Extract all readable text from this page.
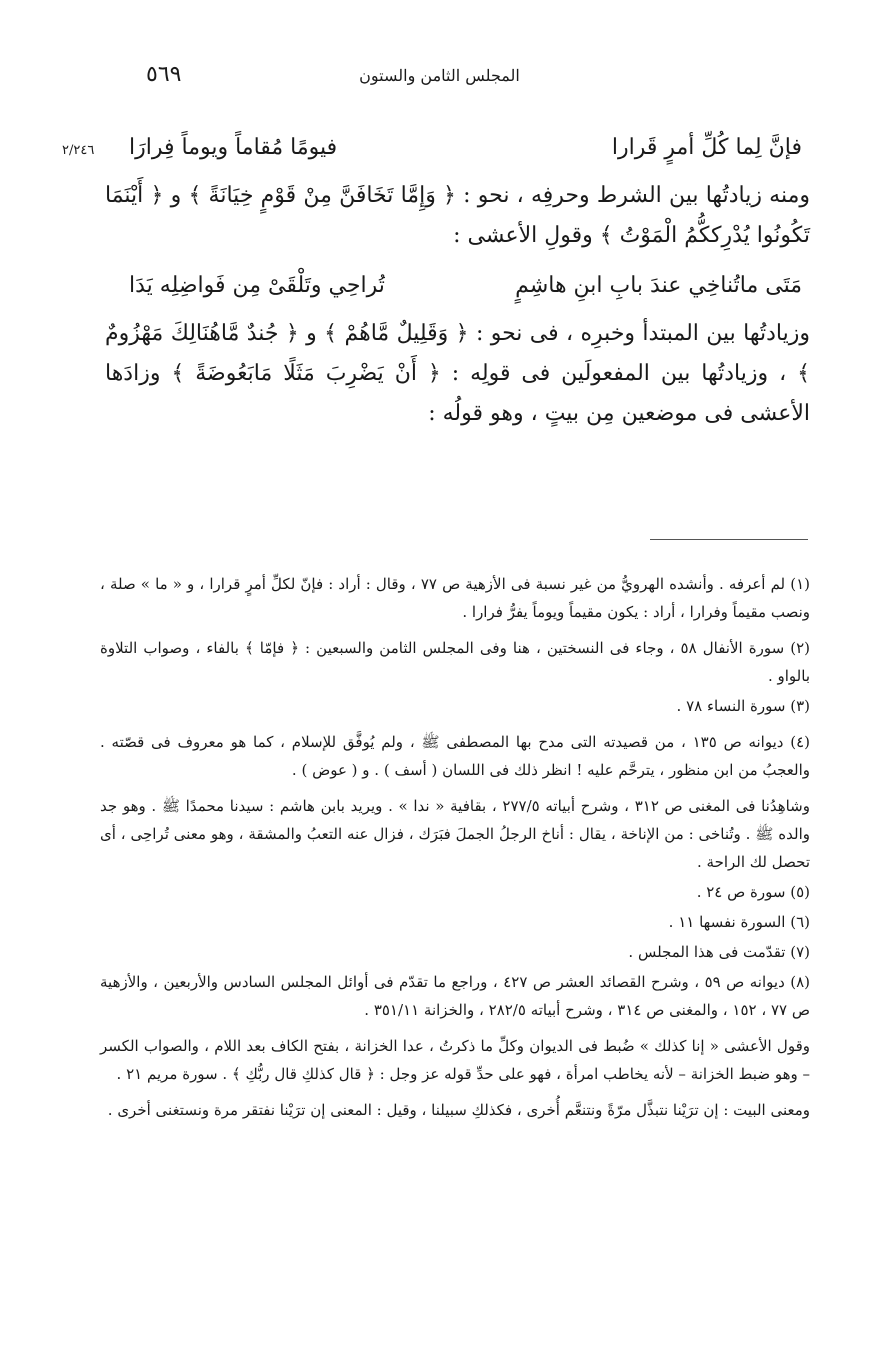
٥٦٩	المجلس الثامن والستون
٢/٢٤٦	فإنَّ لِما كُلِّ أمرٍ قَرارا
فيومًا مُقاماً ويوماً فِرارَا

ومنه زيادتُها بين الشرط وحرفِه ، نحو : ﴿ وَإِمَّا تَخَافَنَّ مِنْ قَوْمٍ خِيَانَةً ﴾ و ﴿ أَيْنَمَا تَكُونُوا يُدْرِككُّمُ الْمَوْتُ ﴾ وقولِ الأعشى :

مَتَى ماتُناخِي عندَ بابِ ابنِ هاشِمٍ
تُراحِي وتَلْقَىْ مِن فَواضِلِه يَدَا

وزيادتُها بين المبتدأ وخبرِه ، فى نحو : ﴿ وَقَلِيلٌ مَّاهُمْ ﴾ و ﴿ جُندٌ مَّاهُنَالِكَ مَهْزُومٌ ﴾ ، وزيادتُها بين المفعولَين فى قولِه : ﴿ أَنْ يَضْرِبَ مَثَلًا مَابَعُوضَةً ﴾ وزادَها الأعشى فى موضعين مِن بيتٍ ، وهو قولُه :

(١) لم أعرفه . وأنشده الهرويُّ من غير نسبة فى الأزهية ص ٧٧ ، وقال : أراد : فإنّ لكلِّ أمرٍ قرارا ، و « ما » صلة ، ونصب مقيماً وفرارا ، أراد : يكون مقيماً ويوماً يفرُّ فرارا .

(٢) سورة الأنفال ٥٨ ، وجاء فى النسختين ، هنا وفى المجلس الثامن والسبعين : ﴿ فإمّا ﴾ بالفاء ، وصواب التلاوة بالواو .

(٣) سورة النساء ٧٨ .

(٤) ديوانه ص ١٣٥ ، من قصيدته التى مدح بها المصطفى ﷺ ، ولم يُوفَّق للإسلام ، كما هو معروف فى قصّته . والعجبُ من ابن منظور ، يترحَّم عليه ! انظر ذلك فى اللسان ( أسف ) . و ( عوض ) .

وشاهِدُنا فى المغنى ص ٣١٢ ، وشرح أبياته ٢٧٧/٥ ، بقافية « ندا » . ويريد بابن هاشم : سيدنا محمدًا ﷺ . وهو جد والده ﷺ . وتُناخى : من الإناخة ، يقال : أناخ الرجلُ الجملَ فبَرَك ، فزال عنه التعبُ والمشقة ، وهو معنى تُراحِى ، أى تحصل لك الراحة .

(٥) سورة ص ٢٤ .

(٦) السورة نفسها ١١ .

(٧) تقدّمت فى هذا المجلس .

(٨) ديوانه ص ٥٩ ، وشرح القصائد العشر ص ٤٢٧ ، وراجع ما تقدّم فى أوائل المجلس السادس والأربعين ، والأزهية ص ٧٧ ، ١٥٢ ، والمغنى ص ٣١٤ ، وشرح أبياته ٢٨٢/٥ ، والخزانة ٣٥١/١١ .

وقول الأعشى « إنا كذلك » ضُبط فى الديوان وكلِّ ما ذكرتُ ، عدا الخزانة ، بفتح الكاف بعد اللام ، والصواب الكسر – وهو ضبط الخزانة – لأنه يخاطب امرأة ، فهو على حدِّ قوله عز وجل : ﴿ قال كذلكِ قال ربُّكِ ﴾ . سورة مريم ٢١ .

ومعنى البيت : إن ترَيْنا نتبذَّل مرّةً ونتنعَّم أُخرى ، فكذلكِ سبيلنا ، وقيل : المعنى إن ترَيْنا نفتقر مرة ونستغنى أخرى .
